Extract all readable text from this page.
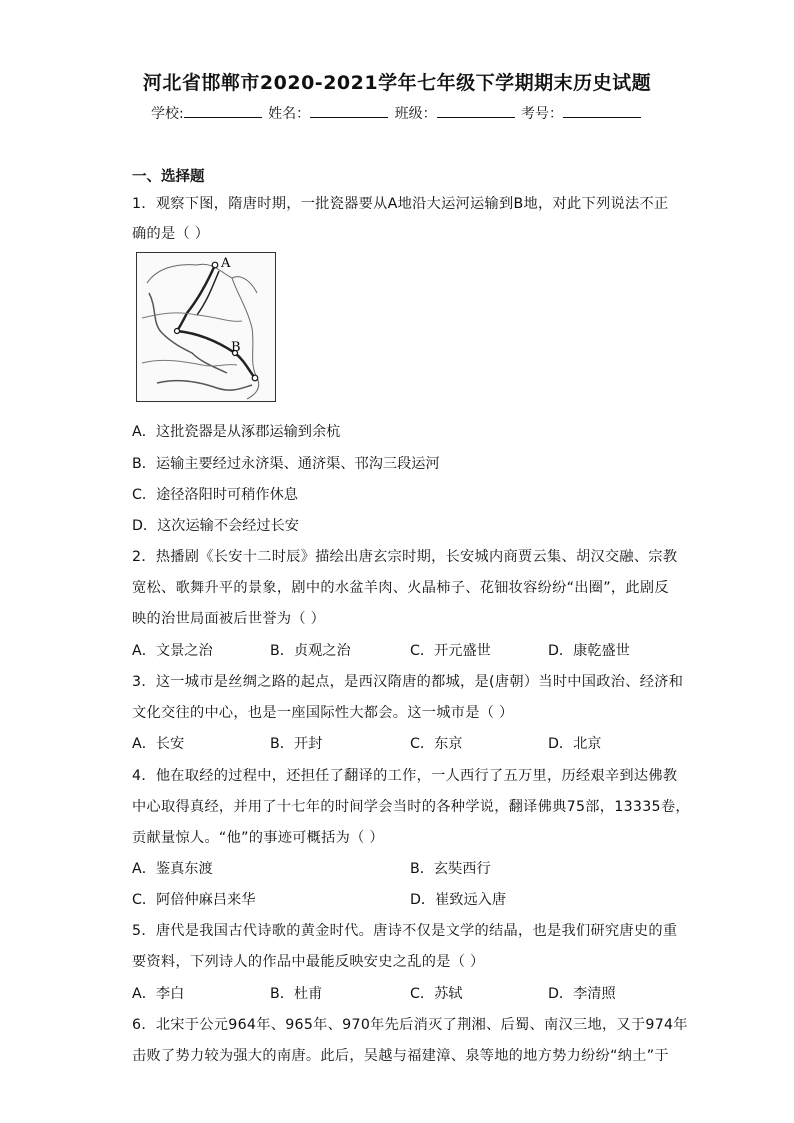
河北省邯郸市2020-2021学年七年级下学期期末历史试题
学校:	姓名：	班级：	考号：
一、选择题
1．观察下图，隋唐时期，一批瓷器要从A地沿大运河运输到B地，对此下列说法不正
确的是（ ）
A
B
A．这批瓷器是从涿郡运输到余杭
B．运输主要经过永济渠、通济渠、邗沟三段运河
C．途径洛阳时可稍作休息
D．这次运输不会经过长安
2．热播剧《长安十二时辰》描绘出唐玄宗时期，长安城内商贾云集、胡汉交融、宗教
宽松、歌舞升平的景象，剧中的水盆羊肉、火晶柿子、花钿妆容纷纷“出圈”，此剧反
映的治世局面被后世誉为（ ）
A．文景之治	B．贞观之治	C．开元盛世	D．康乾盛世
3．这一城市是丝绸之路的起点，是西汉隋唐的都城，是(唐朝）当时中国政治、经济和
文化交往的中心，也是一座国际性大都会。这一城市是（ ）
A．长安	B．开封	C．东京	D．北京
4．他在取经的过程中，还担任了翻译的工作，一人西行了五万里，历经艰辛到达佛教
中心取得真经，并用了十七年的时间学会当时的各种学说，翻译佛典75部，13335卷，
贡献量惊人。“他”的事迹可概括为（ ）
A．鉴真东渡	B．玄奘西行
C．阿倍仲麻吕来华	D．崔致远入唐
5．唐代是我国古代诗歌的黄金时代。唐诗不仅是文学的结晶，也是我们研究唐史的重
要资料，下列诗人的作品中最能反映安史之乱的是（ ）
A．李白	B．杜甫	C．苏轼	D．李清照
6．北宋于公元964年、965年、970年先后消灭了荆湘、后蜀、南汉三地，又于974年
击败了势力较为强大的南唐。此后，吴越与福建漳、泉等地的地方势力纷纷“纳土”于
